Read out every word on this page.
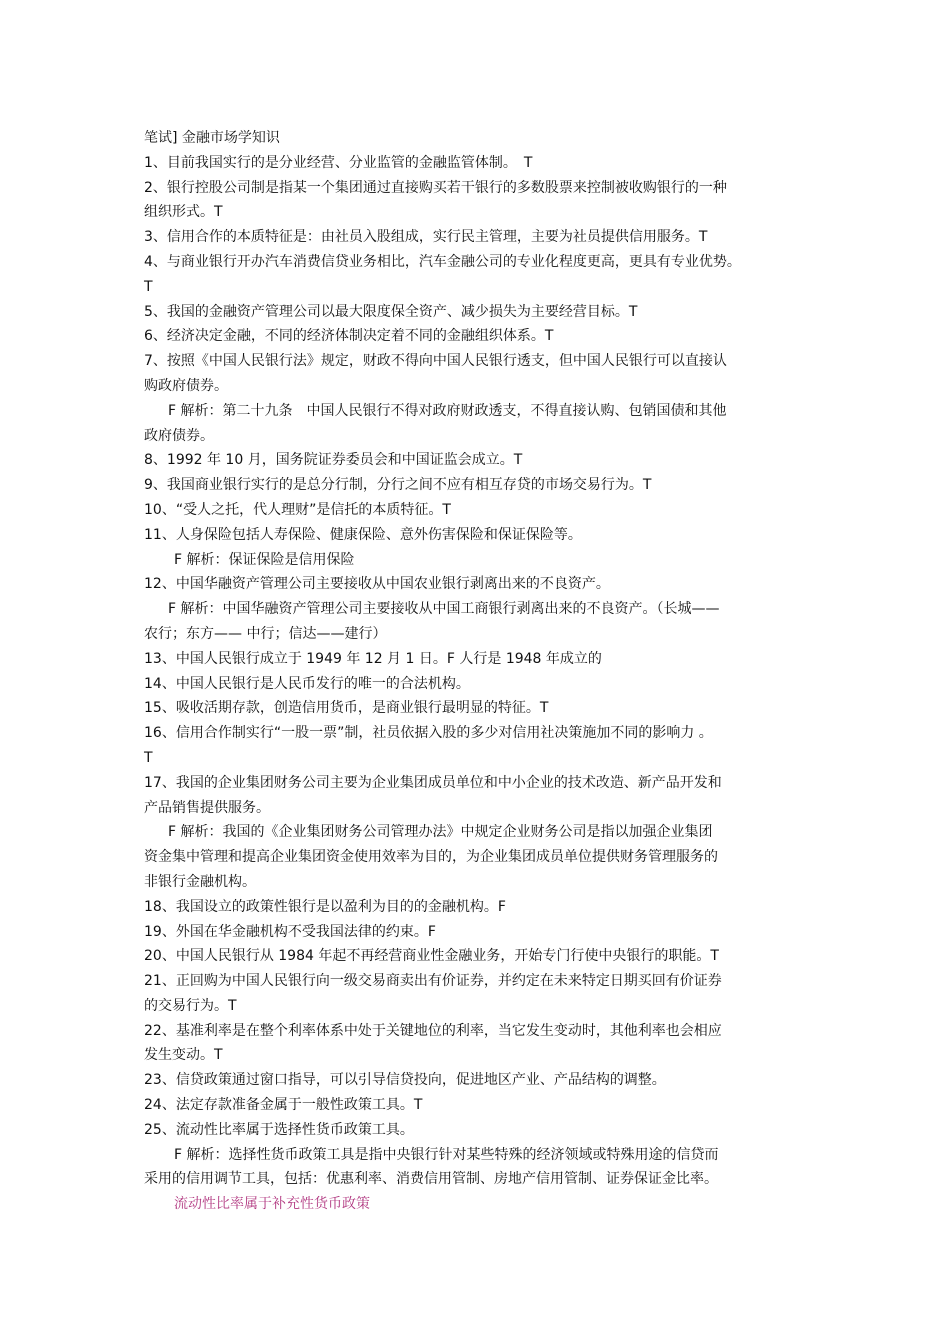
笔试] 金融市场学知识
1、目前我国实行的是分业经营、分业监管的金融监管体制。　T
2、银行控股公司制是指某一个集团通过直接购买若干银行的多数股票来控制被收购银行的一种
组织形式。T
3、信用合作的本质特征是：由社员入股组成，实行民主管理，主要为社员提供信用服务。T
4、与商业银行开办汽车消费信贷业务相比，汽车金融公司的专业化程度更高，更具有专业优势。
T
5、我国的金融资产管理公司以最大限度保全资产、减少损失为主要经营目标。T
6、经济决定金融，不同的经济体制决定着不同的金融组织体系。T
7、按照《中国人民银行法》规定，财政不得向中国人民银行透支，但中国人民银行可以直接认
购政府债券。
F 解析：第二十九条　中国人民银行不得对政府财政透支，不得直接认购、包销国债和其他
政府债券。
8、1992 年 10 月，国务院证券委员会和中国证监会成立。T
9、我国商业银行实行的是总分行制，分行之间不应有相互存贷的市场交易行为。T
10、“受人之托，代人理财”是信托的本质特征。T
11、人身保险包括人寿保险、健康保险、意外伤害保险和保证保险等。
F 解析：保证保险是信用保险
12、中国华融资产管理公司主要接收从中国农业银行剥离出来的不良资产。
F 解析：中国华融资产管理公司主要接收从中国工商银行剥离出来的不良资产。（长城——
农行；东方—— 中行；信达——建行）
13、中国人民银行成立于 1949 年 12 月 1 日。F 人行是 1948 年成立的
14、中国人民银行是人民币发行的唯一的合法机构。
15、吸收活期存款，创造信用货币，是商业银行最明显的特征。T
16、信用合作制实行“一股一票”制，社员依据入股的多少对信用社决策施加不同的影响力 。
T
17、我国的企业集团财务公司主要为企业集团成员单位和中小企业的技术改造、新产品开发和
产品销售提供服务。
F 解析：我国的《企业集团财务公司管理办法》中规定企业财务公司是指以加强企业集团
资金集中管理和提高企业集团资金使用效率为目的，为企业集团成员单位提供财务管理服务的
非银行金融机构。
18、我国设立的政策性银行是以盈利为目的的金融机构。F
19、外国在华金融机构不受我国法律的约束。F
20、中国人民银行从 1984 年起不再经营商业性金融业务，开始专门行使中央银行的职能。T
21、正回购为中国人民银行向一级交易商卖出有价证券，并约定在未来特定日期买回有价证券
的交易行为。T
22、基准利率是在整个利率体系中处于关键地位的利率，当它发生变动时，其他利率也会相应
发生变动。T
23、信贷政策通过窗口指导，可以引导信贷投向，促进地区产业、产品结构的调整。
24、法定存款准备金属于一般性政策工具。T
25、流动性比率属于选择性货币政策工具。
F 解析：选择性货币政策工具是指中央银行针对某些特殊的经济领域或特殊用途的信贷而
采用的信用调节工具，包括：优惠利率、消费信用管制、房地产信用管制、证券保证金比率。
流动性比率属于补充性货币政策
